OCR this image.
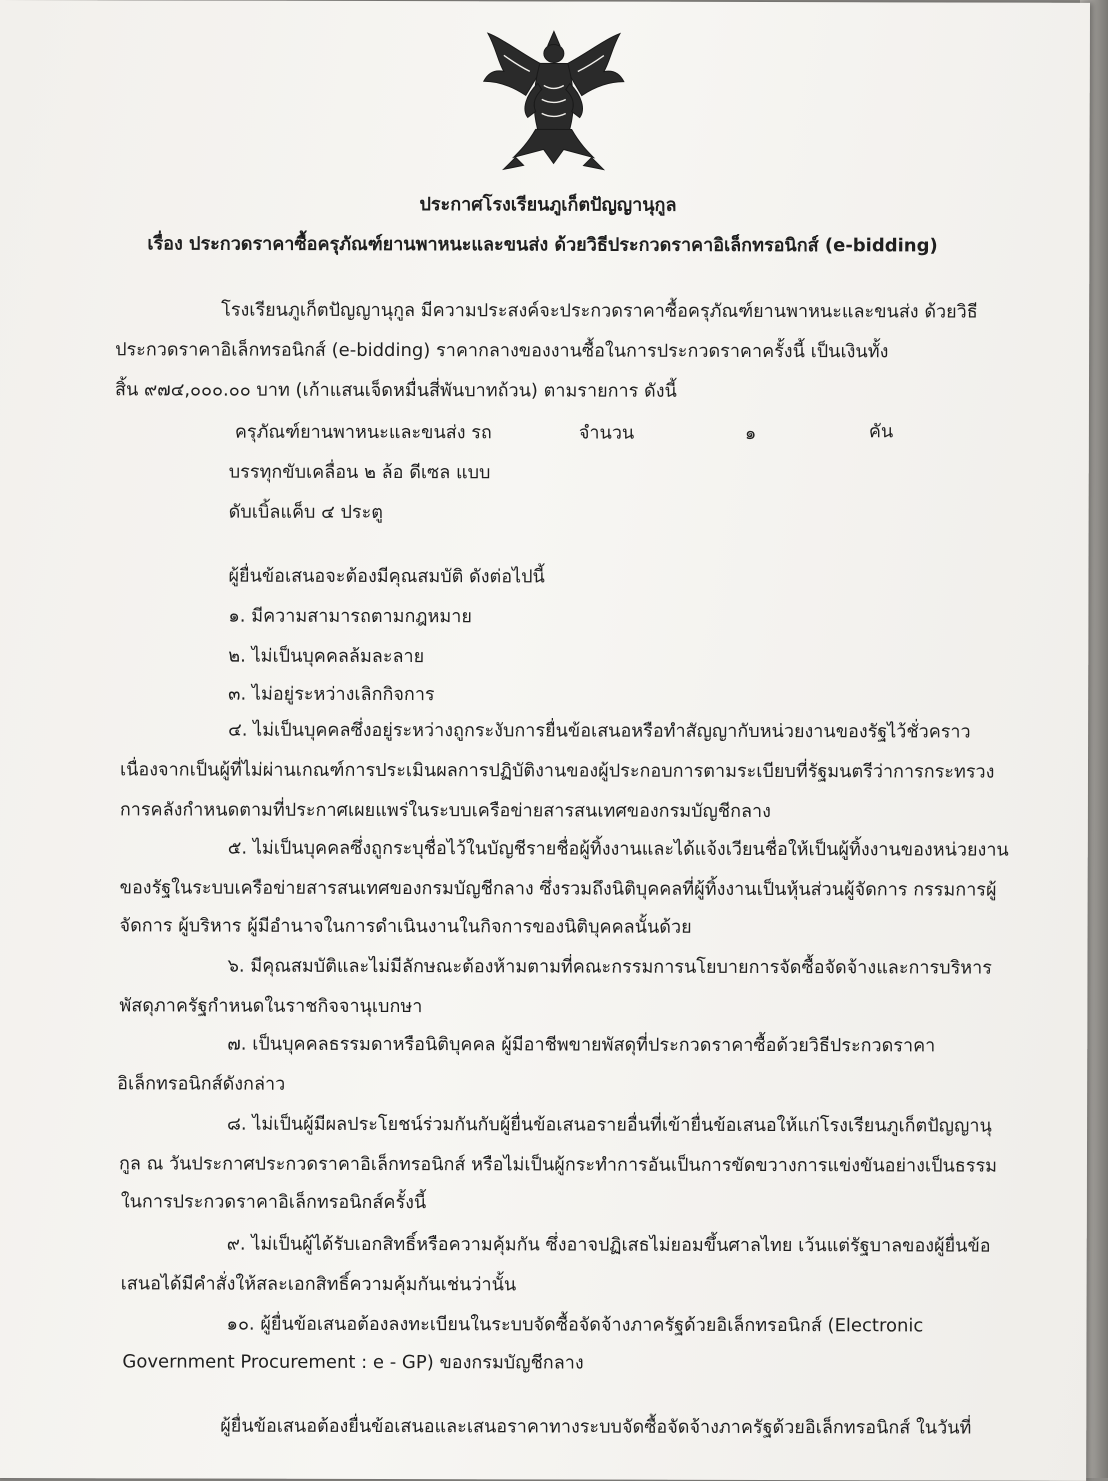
ประกาศโรงเรียนภูเก็ตปัญญานุกูล
เรื่อง ประกวดราคาซื้อครุภัณฑ์ยานพาหนะและขนส่ง ด้วยวิธีประกวดราคาอิเล็กทรอนิกส์ (e-bidding)
โรงเรียนภูเก็ตปัญญานุกูล มีความประสงค์จะประกวดราคาซื้อครุภัณฑ์ยานพาหนะและขนส่ง ด้วยวิธี
ประกวดราคาอิเล็กทรอนิกส์ (e-bidding) ราคากลางของงานซื้อในการประกวดราคาครั้งนี้ เป็นเงินทั้ง
สิ้น ๙๗๔,๐๐๐.๐๐ บาท (เก้าแสนเจ็ดหมื่นสี่พันบาทถ้วน) ตามรายการ ดังนี้
ครุภัณฑ์ยานพาหนะและขนส่ง รถ	จำนวน	๑	คัน
บรรทุกขับเคลื่อน ๒ ล้อ ดีเซล แบบ
ดับเบิ้ลแค็บ ๔ ประตู
ผู้ยื่นข้อเสนอจะต้องมีคุณสมบัติ ดังต่อไปนี้
๑. มีความสามารถตามกฎหมาย
๒. ไม่เป็นบุคคลล้มละลาย
๓. ไม่อยู่ระหว่างเลิกกิจการ
๔. ไม่เป็นบุคคลซึ่งอยู่ระหว่างถูกระงับการยื่นข้อเสนอหรือทำสัญญากับหน่วยงานของรัฐไว้ชั่วคราว
เนื่องจากเป็นผู้ที่ไม่ผ่านเกณฑ์การประเมินผลการปฏิบัติงานของผู้ประกอบการตามระเบียบที่รัฐมนตรีว่าการกระทรวง
การคลังกำหนดตามที่ประกาศเผยแพร่ในระบบเครือข่ายสารสนเทศของกรมบัญชีกลาง
๕. ไม่เป็นบุคคลซึ่งถูกระบุชื่อไว้ในบัญชีรายชื่อผู้ทิ้งงานและได้แจ้งเวียนชื่อให้เป็นผู้ทิ้งงานของหน่วยงาน
ของรัฐในระบบเครือข่ายสารสนเทศของกรมบัญชีกลาง ซึ่งรวมถึงนิติบุคคลที่ผู้ทิ้งงานเป็นหุ้นส่วนผู้จัดการ กรรมการผู้
จัดการ ผู้บริหาร ผู้มีอำนาจในการดำเนินงานในกิจการของนิติบุคคลนั้นด้วย
๖. มีคุณสมบัติและไม่มีลักษณะต้องห้ามตามที่คณะกรรมการนโยบายการจัดซื้อจัดจ้างและการบริหาร
พัสดุภาครัฐกำหนดในราชกิจจานุเบกษา
๗. เป็นบุคคลธรรมดาหรือนิติบุคคล ผู้มีอาชีพขายพัสดุที่ประกวดราคาซื้อด้วยวิธีประกวดราคา
อิเล็กทรอนิกส์ดังกล่าว
๘. ไม่เป็นผู้มีผลประโยชน์ร่วมกันกับผู้ยื่นข้อเสนอรายอื่นที่เข้ายื่นข้อเสนอให้แก่โรงเรียนภูเก็ตปัญญานุ
กูล ณ วันประกาศประกวดราคาอิเล็กทรอนิกส์ หรือไม่เป็นผู้กระทำการอันเป็นการขัดขวางการแข่งขันอย่างเป็นธรรม
ในการประกวดราคาอิเล็กทรอนิกส์ครั้งนี้
๙. ไม่เป็นผู้ได้รับเอกสิทธิ์หรือความคุ้มกัน ซึ่งอาจปฏิเสธไม่ยอมขึ้นศาลไทย เว้นแต่รัฐบาลของผู้ยื่นข้อ
เสนอได้มีคำสั่งให้สละเอกสิทธิ์ความคุ้มกันเช่นว่านั้น
๑๐. ผู้ยื่นข้อเสนอต้องลงทะเบียนในระบบจัดซื้อจัดจ้างภาครัฐด้วยอิเล็กทรอนิกส์ (Electronic
Government Procurement : e - GP) ของกรมบัญชีกลาง
ผู้ยื่นข้อเสนอต้องยื่นข้อเสนอและเสนอราคาทางระบบจัดซื้อจัดจ้างภาครัฐด้วยอิเล็กทรอนิกส์ ในวันที่
